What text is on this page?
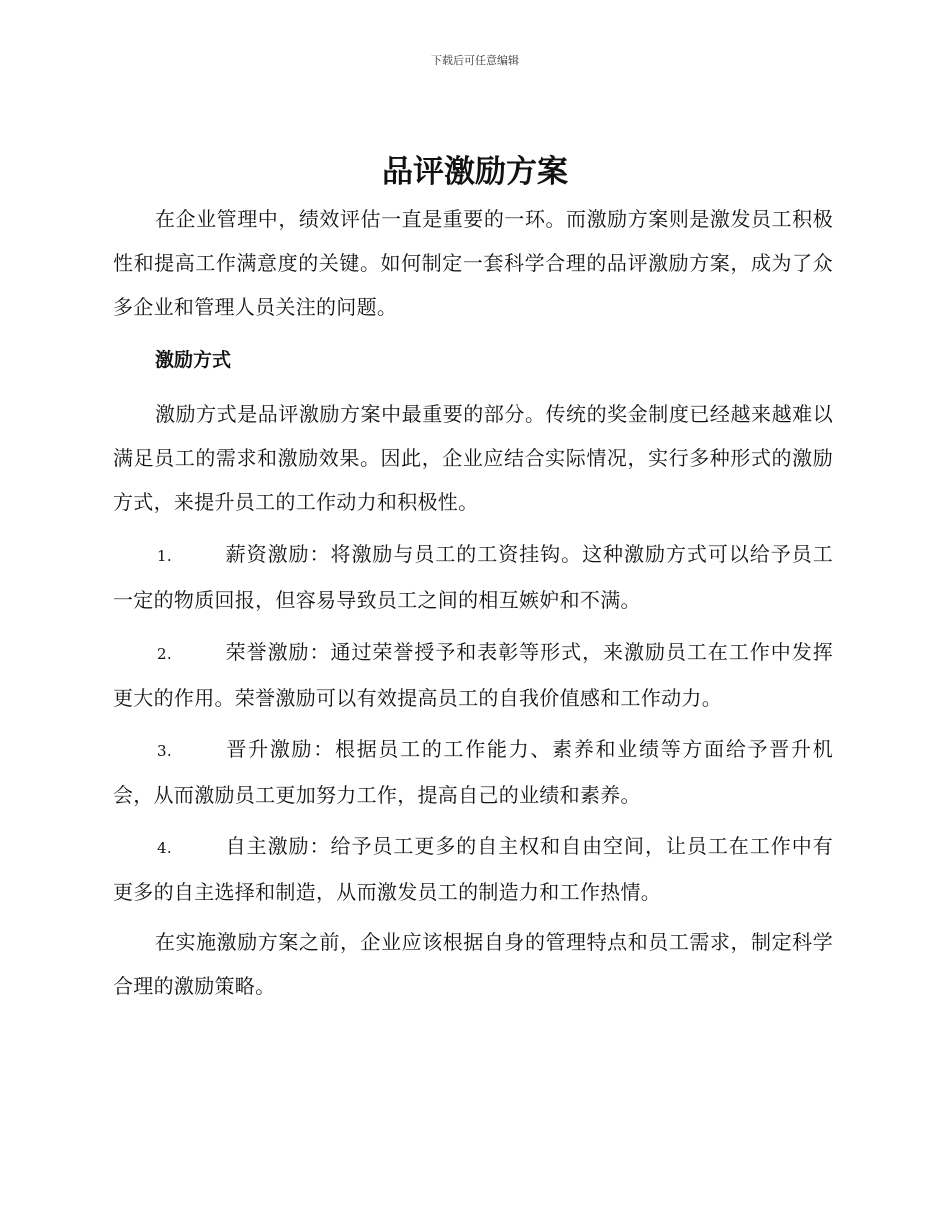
下载后可任意编辑
品评激励方案

在企业管理中，绩效评估一直是重要的一环。而激励方案则是激发员工积极性和提高工作满意度的关键。如何制定一套科学合理的品评激励方案，成为了众多企业和管理人员关注的问题。

激励方式

激励方式是品评激励方案中最重要的部分。传统的奖金制度已经越来越难以满足员工的需求和激励效果。因此，企业应结合实际情况，实行多种形式的激励方式，来提升员工的工作动力和积极性。

1.	薪资激励：将激励与员工的工资挂钩。这种激励方式可以给予员工一定的物质回报，但容易导致员工之间的相互嫉妒和不满。

2.	荣誉激励：通过荣誉授予和表彰等形式，来激励员工在工作中发挥更大的作用。荣誉激励可以有效提高员工的自我价值感和工作动力。

3.	晋升激励：根据员工的工作能力、素养和业绩等方面给予晋升机会，从而激励员工更加努力工作，提高自己的业绩和素养。

4.	自主激励：给予员工更多的自主权和自由空间，让员工在工作中有更多的自主选择和制造，从而激发员工的制造力和工作热情。

在实施激励方案之前，企业应该根据自身的管理特点和员工需求，制定科学合理的激励策略。
